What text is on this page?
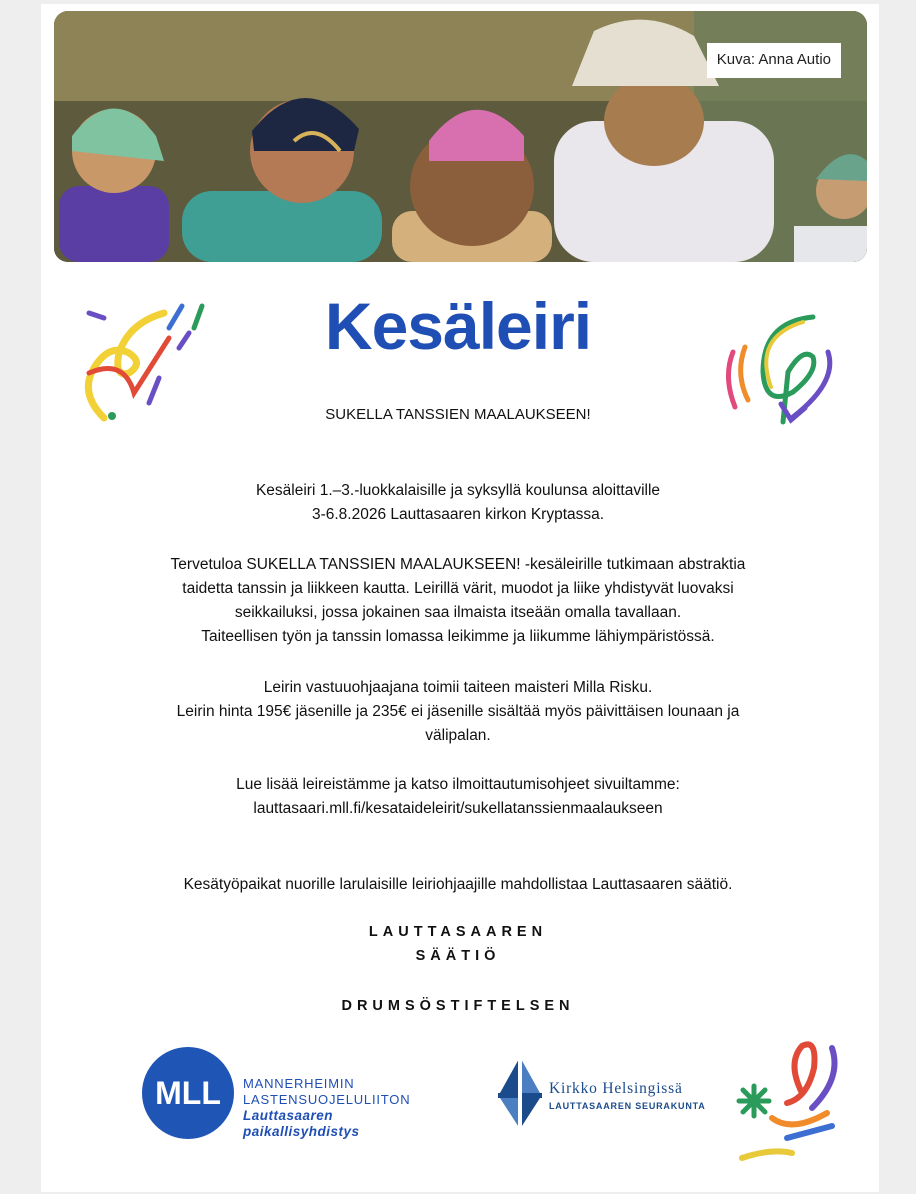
Kuva: Anna Autio
Kesäleiri
SUKELLA TANSSIEN MAALAUKSEEN!
Kesäleiri 1.–3.-luokkalaisille ja syksyllä koulunsa aloittaville
3-6.8.2026 Lauttasaaren kirkon Kryptassa.
Tervetuloa SUKELLA TANSSIEN MAALAUKSEEN! -kesäleirille tutkimaan abstraktia
taidetta tanssin ja liikkeen kautta. Leirillä värit, muodot ja liike yhdistyvät luovaksi
seikkailuksi, jossa jokainen saa ilmaista itseään omalla tavallaan.
Taiteellisen työn ja tanssin lomassa leikimme ja liikumme lähiympäristössä.
Leirin vastuuohjaajana toimii taiteen maisteri Milla Risku.
Leirin hinta 195€ jäsenille ja 235€ ei jäsenille sisältää myös päivittäisen lounaan ja
välipalan.
Lue lisää leireistämme ja katso ilmoittautumisohjeet sivuiltamme:
lauttasaari.mll.fi/kesataideleirit/sukellatanssienmaalaukseen
Kesätyöpaikat nuorille larulaisille leiriohjaajille mahdollistaa Lauttasaaren säätiö.
LAUTTASAAREN
SÄÄTIÖ
DRUMSÖSTIFTELSEN
MLL	MANNERHEIMIN
LASTENSUOJELULIITON
Lauttasaaren
paikallisyhdistys
Kirkko Helsingissä
LAUTTASAAREN SEURAKUNTA
